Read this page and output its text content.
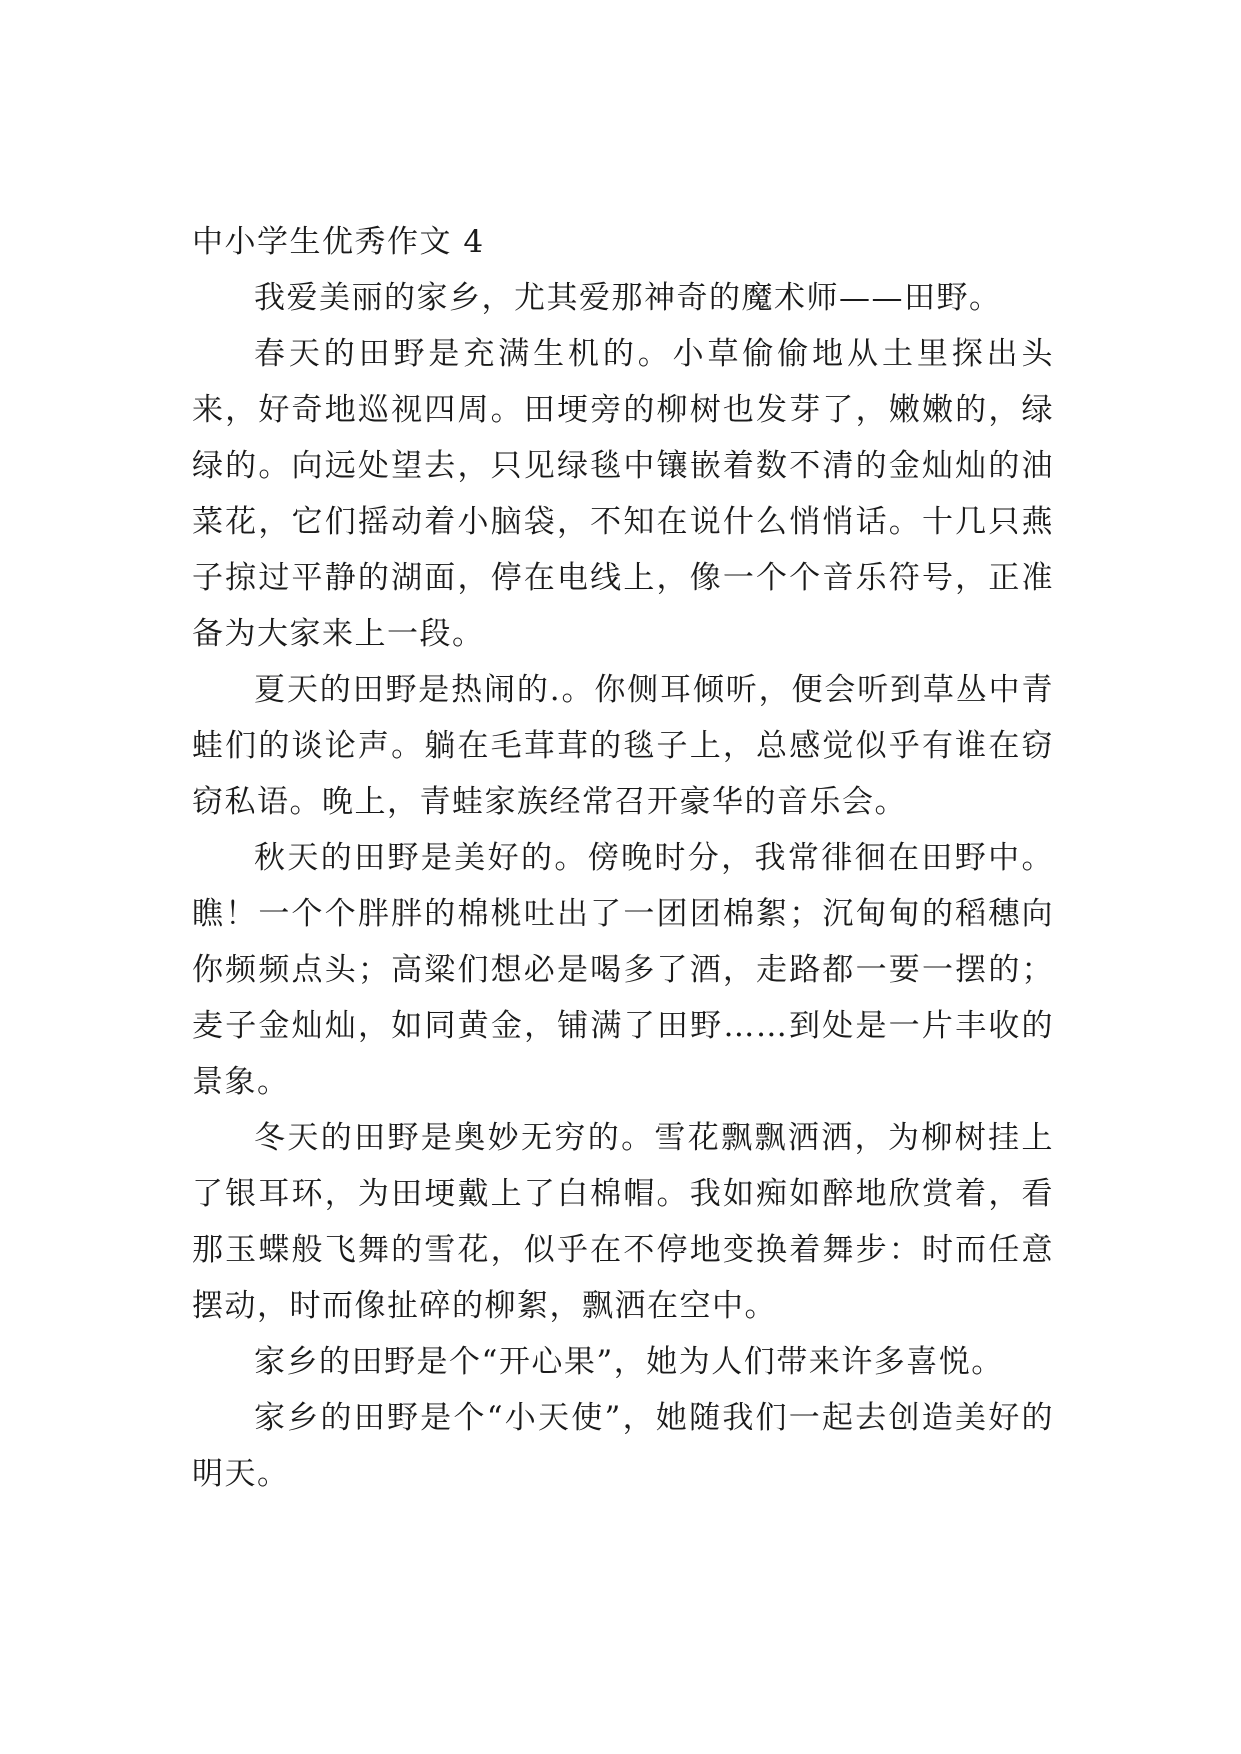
中小学生优秀作文 4

我爱美丽的家乡，尤其爱那神奇的魔术师——田野。

春天的田野是充满生机的。小草偷偷地从土里探出头来，好奇地巡视四周。田埂旁的柳树也发芽了，嫩嫩的，绿绿的。向远处望去，只见绿毯中镶嵌着数不清的金灿灿的油菜花，它们摇动着小脑袋，不知在说什么悄悄话。十几只燕子掠过平静的湖面，停在电线上，像一个个音乐符号，正准备为大家来上一段。

夏天的田野是热闹的.。你侧耳倾听，便会听到草丛中青蛙们的谈论声。躺在毛茸茸的毯子上，总感觉似乎有谁在窃窃私语。晚上，青蛙家族经常召开豪华的音乐会。

秋天的田野是美好的。傍晚时分，我常徘徊在田野中。瞧！一个个胖胖的棉桃吐出了一团团棉絮；沉甸甸的稻穗向你频频点头；高粱们想必是喝多了酒，走路都一要一摆的；麦子金灿灿，如同黄金，铺满了田野……到处是一片丰收的景象。

冬天的田野是奥妙无穷的。雪花飘飘洒洒，为柳树挂上了银耳环，为田埂戴上了白棉帽。我如痴如醉地欣赏着，看那玉蝶般飞舞的雪花，似乎在不停地变换着舞步：时而任意摆动，时而像扯碎的柳絮，飘洒在空中。

家乡的田野是个“开心果”，她为人们带来许多喜悦。

家乡的田野是个“小天使”，她随我们一起去创造美好的明天。
